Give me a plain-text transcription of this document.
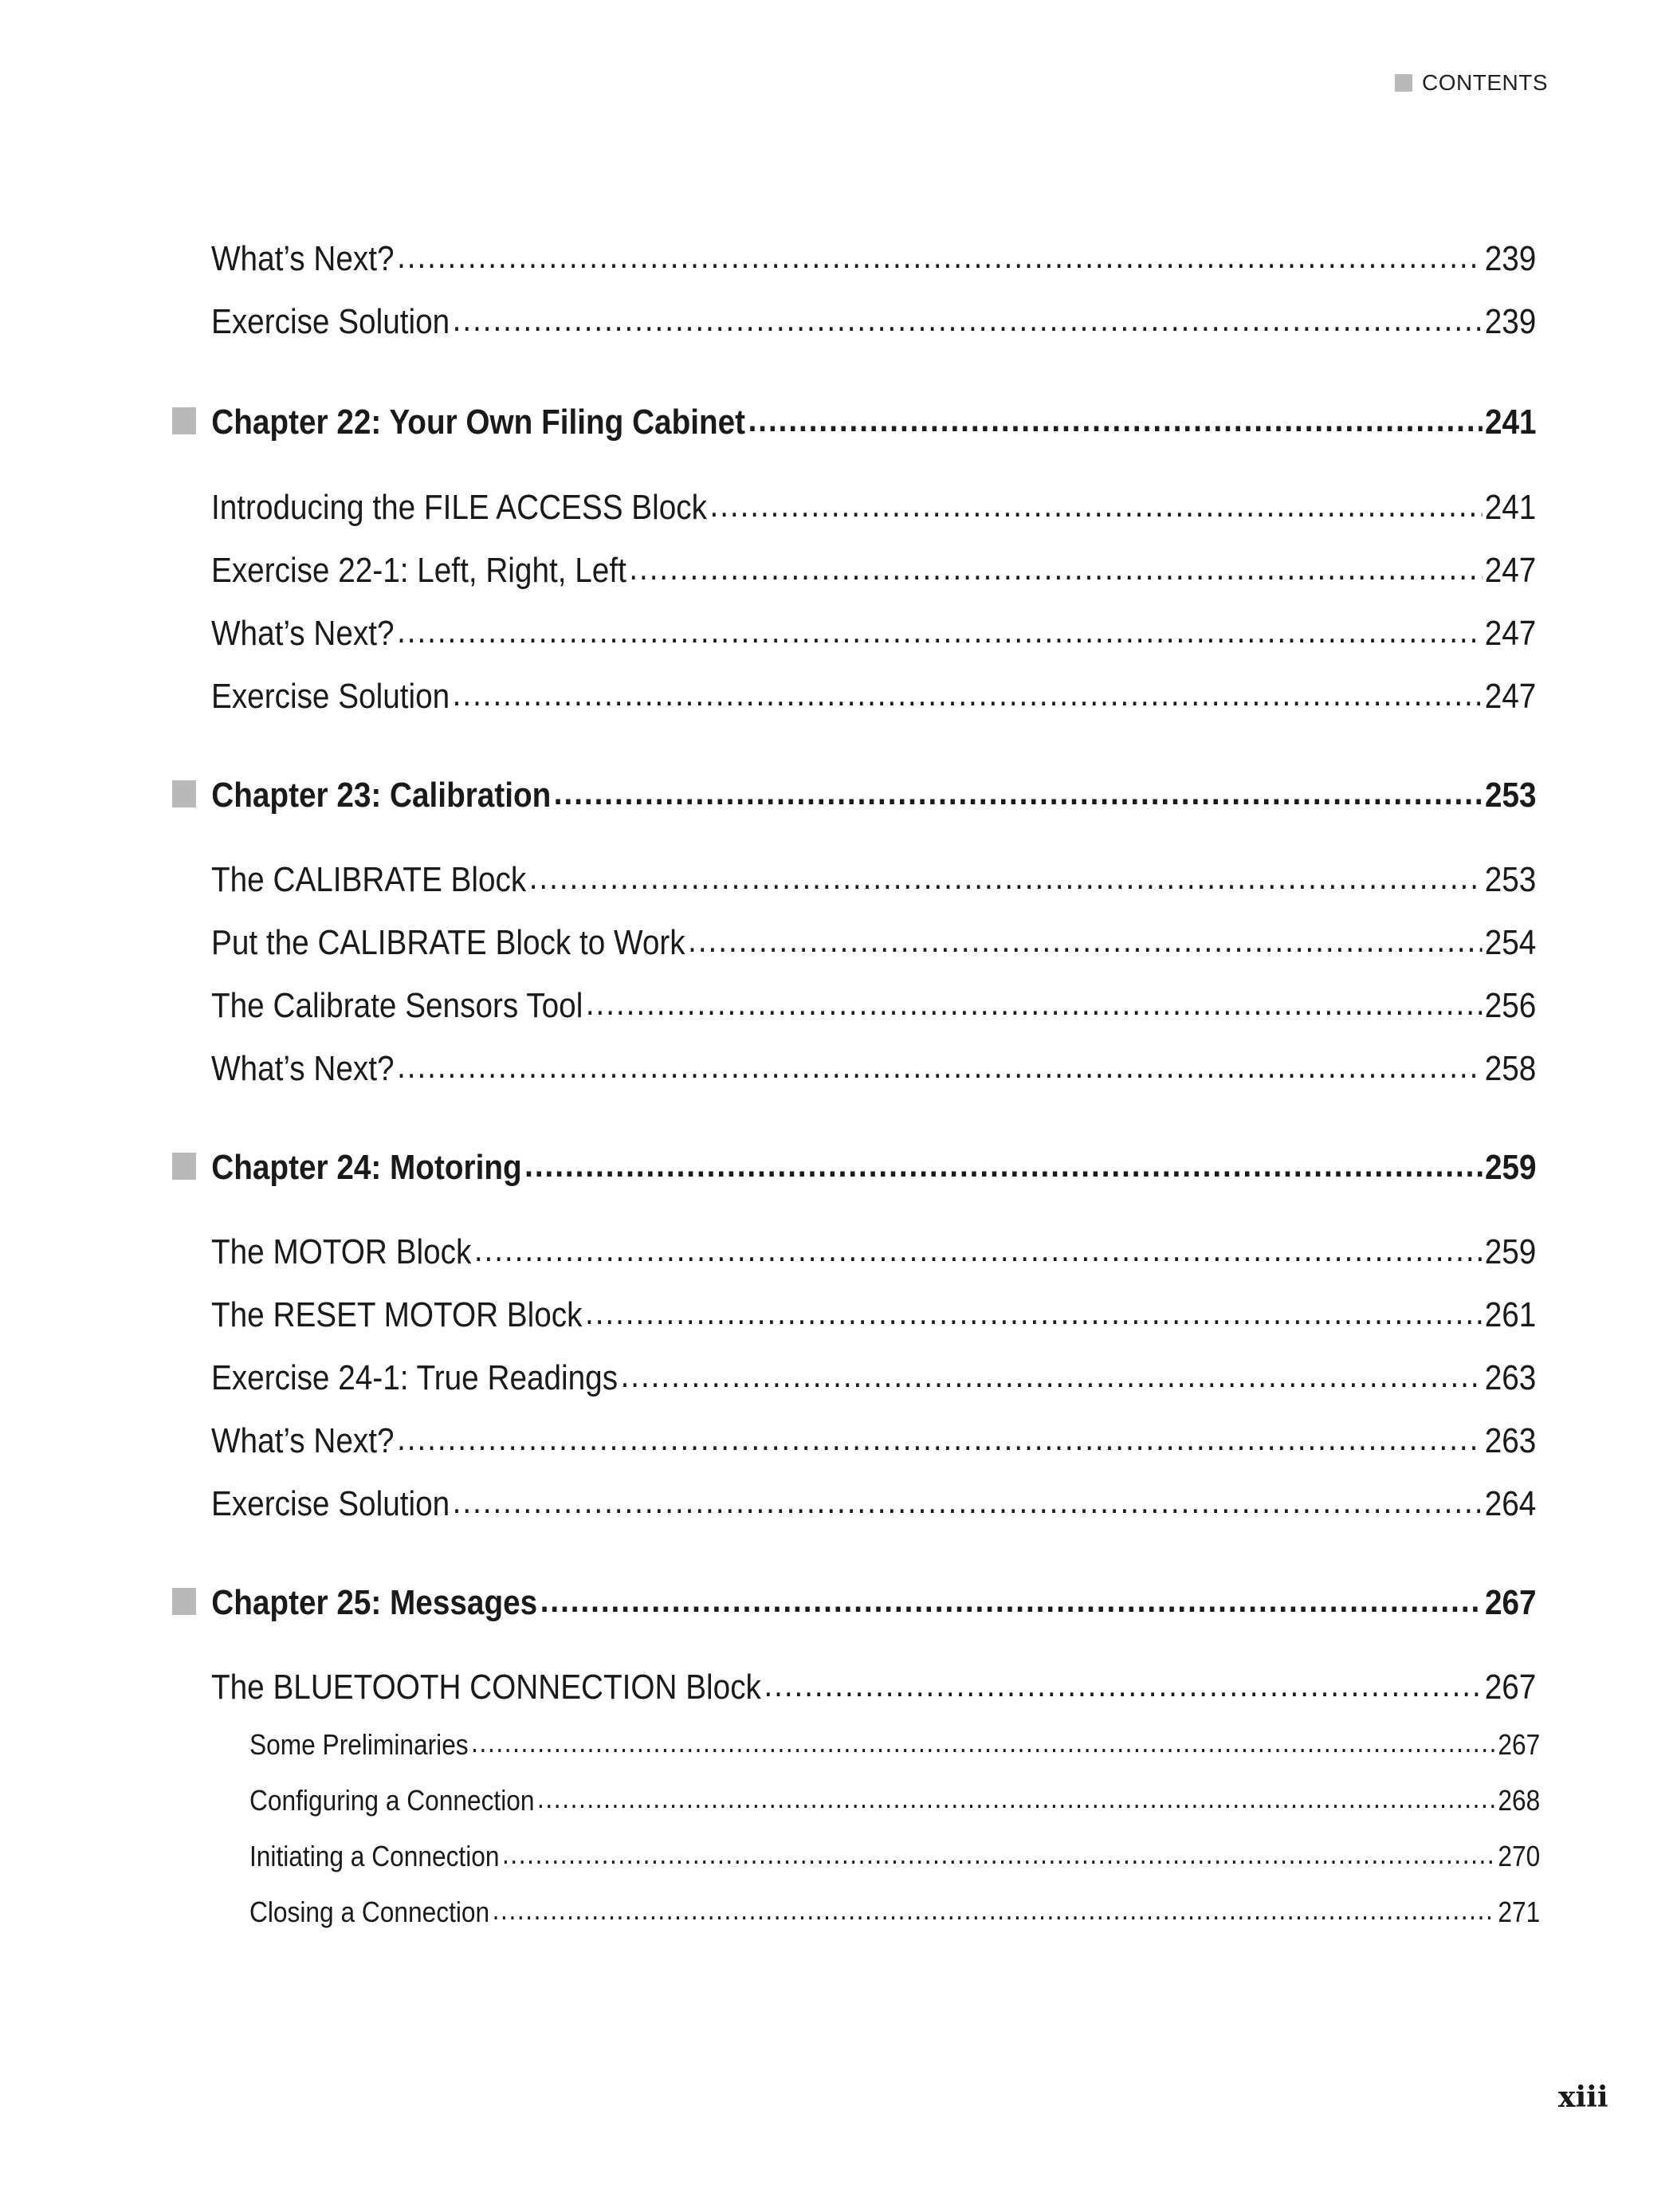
CONTENTS
What’s Next? .....	239
Exercise Solution .....	239
Chapter 22: Your Own Filing Cabinet .....	241
Introducing the FILE ACCESS Block .....	241
Exercise 22-1: Left, Right, Left .....	247
What’s Next? .....	247
Exercise Solution .....	247
Chapter 23: Calibration .....	253
The CALIBRATE Block .....	253
Put the CALIBRATE Block to Work .....	254
The Calibrate Sensors Tool .....	256
What’s Next? .....	258
Chapter 24: Motoring .....	259
The MOTOR Block .....	259
The RESET MOTOR Block .....	261
Exercise 24-1: True Readings .....	263
What’s Next? .....	263
Exercise Solution .....	264
Chapter 25: Messages .....	267
The BLUETOOTH CONNECTION Block .....	267
Some Preliminaries .....	267
Configuring a Connection .....	268
Initiating a Connection .....	270
Closing a Connection .....	271
xiii
